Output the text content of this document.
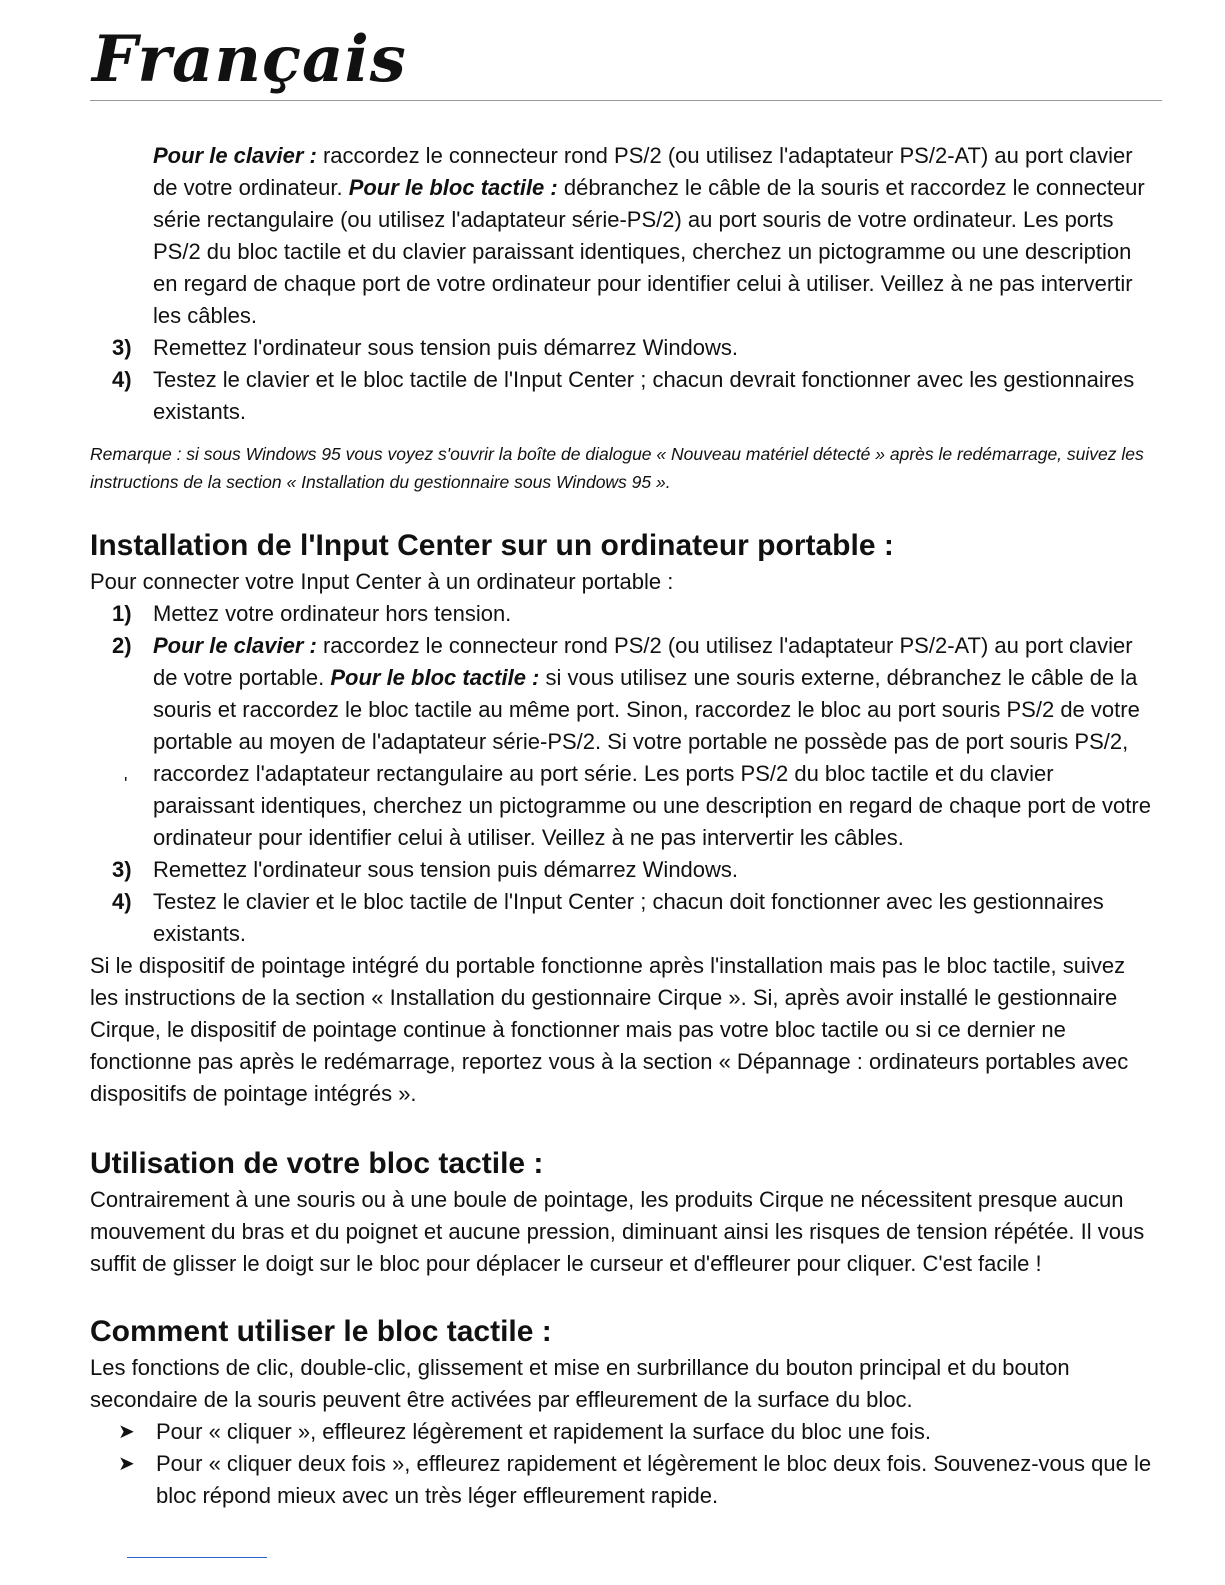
Français

Pour le clavier : raccordez le connecteur rond PS/2 (ou utilisez l'adaptateur PS/2-AT) au port clavier de votre ordinateur. Pour le bloc tactile : débranchez le câble de la souris et raccordez le connecteur série rectangulaire (ou utilisez l'adaptateur série-PS/2) au port souris de votre ordinateur. Les ports PS/2 du bloc tactile et du clavier paraissant identiques, cherchez un pictogramme ou une description en regard de chaque port de votre ordinateur pour identifier celui à utiliser. Veillez à ne pas intervertir les câbles.

3) Remettez l'ordinateur sous tension puis démarrez Windows.
4) Testez le clavier et le bloc tactile de l'Input Center ; chacun devrait fonctionner avec les gestionnaires existants.

Remarque : si sous Windows 95 vous voyez s'ouvrir la boîte de dialogue « Nouveau matériel détecté » après le redémarrage, suivez les instructions de la section « Installation du gestionnaire sous Windows 95 ».

Installation de l'Input Center sur un ordinateur portable :

Pour connecter votre Input Center à un ordinateur portable :

1) Mettez votre ordinateur hors tension.
2)
'
Pour le clavier : raccordez le connecteur rond PS/2 (ou utilisez l'adaptateur PS/2-AT) au port clavier de votre portable. Pour le bloc tactile : si vous utilisez une souris externe, débranchez le câble de la souris et raccordez le bloc tactile au même port. Sinon, raccordez le bloc au port souris PS/2 de votre portable au moyen de l'adaptateur série-PS/2. Si votre portable ne possède pas de port souris PS/2, raccordez l'adaptateur rectangulaire au port série. Les ports PS/2 du bloc tactile et du clavier paraissant identiques, cherchez un pictogramme ou une description en regard de chaque port de votre ordinateur pour identifier celui à utiliser. Veillez à ne pas intervertir les câbles.
3) Remettez l'ordinateur sous tension puis démarrez Windows.
4) Testez le clavier et le bloc tactile de l'Input Center ; chacun doit fonctionner avec les gestionnaires existants.

Si le dispositif de pointage intégré du portable fonctionne après l'installation mais pas le bloc tactile, suivez les instructions de la section « Installation du gestionnaire Cirque ». Si, après avoir installé le gestionnaire Cirque, le dispositif de pointage continue à fonctionner mais pas votre bloc tactile ou si ce dernier ne fonctionne pas après le redémarrage, reportez vous à la section « Dépannage : ordinateurs portables avec dispositifs de pointage intégrés ».

Utilisation de votre bloc tactile :

Contrairement à une souris ou à une boule de pointage, les produits Cirque ne nécessitent presque aucun mouvement du bras et du poignet et aucune pression, diminuant ainsi les risques de tension répétée. Il vous suffit de glisser le doigt sur le bloc pour déplacer le curseur et d'effleurer pour cliquer. C'est facile !

Comment utiliser le bloc tactile :

Les fonctions de clic, double-clic, glissement et mise en surbrillance du bouton principal et du bouton secondaire de la souris peuvent être activées par effleurement de la surface du bloc.

➤ Pour « cliquer », effleurez légèrement et rapidement la surface du bloc une fois.
➤ Pour « cliquer deux fois », effleurez rapidement et légèrement le bloc deux fois. Souvenez-vous que le bloc répond mieux avec un très léger effleurement rapide.
